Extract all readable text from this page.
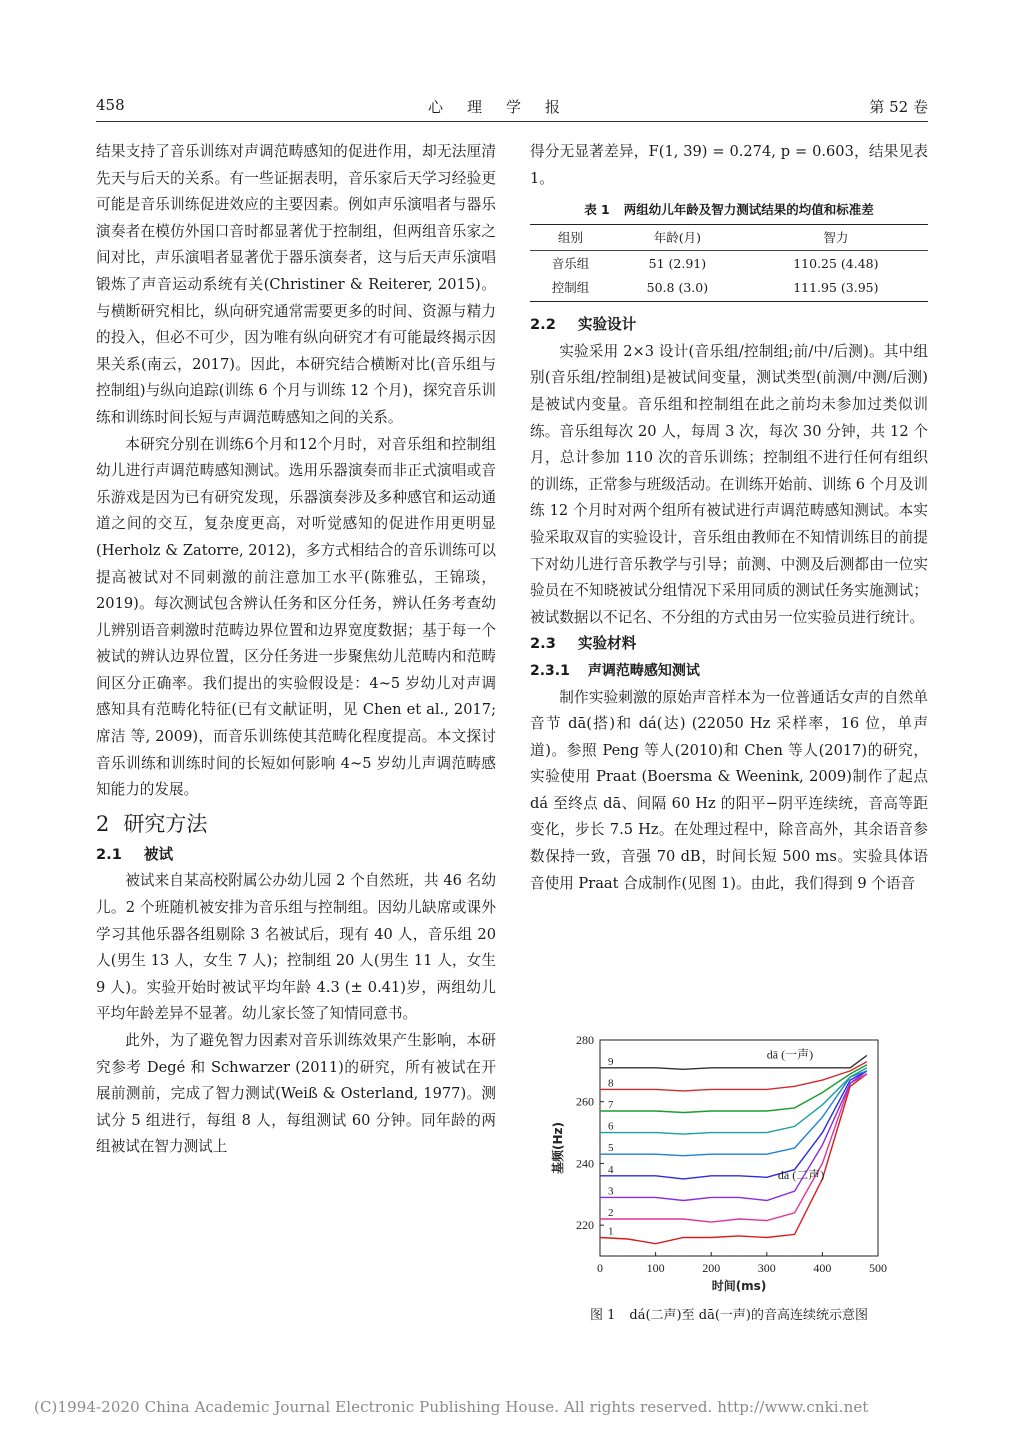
458	心理学报	第 52 卷

结果支持了音乐训练对声调范畴感知的促进作用，却无法厘清先天与后天的关系。有一些证据表明，音乐家后天学习经验更可能是音乐训练促进效应的主要因素。例如声乐演唱者与器乐演奏者在模仿外国口音时都显著优于控制组，但两组音乐家之间对比，声乐演唱者显著优于器乐演奏者，这与后天声乐演唱锻炼了声音运动系统有关(Christiner & Reiterer, 2015)。与横断研究相比，纵向研究通常需要更多的时间、资源与精力的投入，但必不可少，因为唯有纵向研究才有可能最终揭示因果关系(南云，2017)。因此，本研究结合横断对比(音乐组与控制组)与纵向追踪(训练 6 个月与训练 12 个月)，探究音乐训练和训练时间长短与声调范畴感知之间的关系。

本研究分别在训练6个月和12个月时，对音乐组和控制组幼儿进行声调范畴感知测试。选用乐器演奏而非正式演唱或音乐游戏是因为已有研究发现，乐器演奏涉及多种感官和运动通道之间的交互，复杂度更高，对听觉感知的促进作用更明显(Herholz & Zatorre, 2012)，多方式相结合的音乐训练可以提高被试对不同刺激的前注意加工水平(陈雅弘，王锦琰，2019)。每次测试包含辨认任务和区分任务，辨认任务考查幼儿辨别语音刺激时范畴边界位置和边界宽度数据；基于每一个被试的辨认边界位置，区分任务进一步聚焦幼儿范畴内和范畴间区分正确率。我们提出的实验假设是：4~5 岁幼儿对声调感知具有范畴化特征(已有文献证明，见 Chen et al., 2017; 席洁 等, 2009)，而音乐训练使其范畴化程度提高。本文探讨音乐训练和训练时间的长短如何影响 4~5 岁幼儿声调范畴感知能力的发展。

2 研究方法
2.1 被试

被试来自某高校附属公办幼儿园 2 个自然班，共 46 名幼儿。2 个班随机被安排为音乐组与控制组。因幼儿缺席或课外学习其他乐器各组剔除 3 名被试后，现有 40 人，音乐组 20 人(男生 13 人，女生 7 人)；控制组 20 人(男生 11 人，女生 9 人)。实验开始时被试平均年龄 4.3 (± 0.41)岁，两组幼儿平均年龄差异不显著。幼儿家长签了知情同意书。

此外，为了避免智力因素对音乐训练效果产生影响，本研究参考 Degé 和 Schwarzer (2011)的研究，所有被试在开展前测前，完成了智力测试(Weiß & Osterland, 1977)。测试分 5 组进行，每组 8 人，每组测试 60 分钟。同年龄的两组被试在智力测试上

得分无显著差异，F(1, 39) = 0.274, p = 0.603，结果见表 1。

表 1 两组幼儿年龄及智力测试结果的均值和标准差
组别	年龄(月)	智力
音乐组	51 (2.91)	110.25 (4.48)
控制组	50.8 (3.0)	111.95 (3.95)
2.2 实验设计

实验采用 2×3 设计(音乐组/控制组;前/中/后测)。其中组别(音乐组/控制组)是被试间变量，测试类型(前测/中测/后测)是被试内变量。音乐组和控制组在此之前均未参加过类似训练。音乐组每次 20 人，每周 3 次，每次 30 分钟，共 12 个月，总计参加 110 次的音乐训练；控制组不进行任何有组织的训练，正常参与班级活动。在训练开始前、训练 6 个月及训练 12 个月时对两个组所有被试进行声调范畴感知测试。本实验采取双盲的实验设计，音乐组由教师在不知情训练目的前提下对幼儿进行音乐教学与引导；前测、中测及后测都由一位实验员在不知晓被试分组情况下采用同质的测试任务实施测试；被试数据以不记名、不分组的方式由另一位实验员进行统计。

2.3 实验材料
2.3.1 声调范畴感知测试

制作实验刺激的原始声音样本为一位普通话女声的自然单音节 dā(搭)和 dá(达) (22050 Hz 采样率，16 位，单声道)。参照 Peng 等人(2010)和 Chen 等人(2017)的研究，实验使用 Praat (Boersma & Weenink, 2009)制作了起点 dá 至终点 dā、间隔 60 Hz 的阳平−阴平连续统，音高等距变化，步长 7.5 Hz。在处理过程中，除音高外，其余语音参数保持一致，音强 70 dB，时间长短 500 ms。实验具体语音使用 Praat 合成制作(见图 1)。由此，我们得到 9 个语音

0	100	200	300	400	500
220
240
260
280
时间(ms)
基频(Hz)
1
2
3
4
5
6
7
8
9
dā (一声)
dá (二声)
图 1 dá(二声)至 dā(一声)的音高连续统示意图
(C)1994-2020 China Academic Journal Electronic Publishing House. All rights reserved. http://www.cnki.net
